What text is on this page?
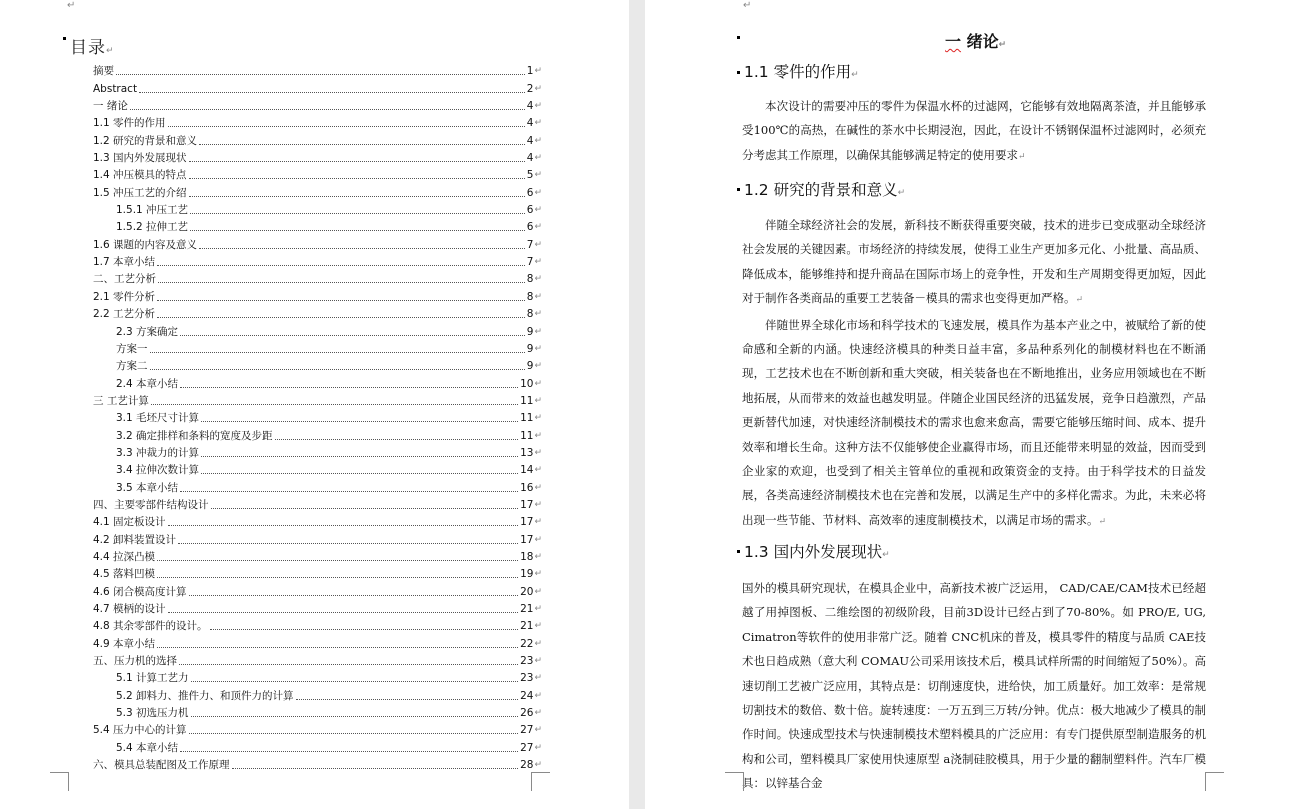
↵
目录↵
摘要	1 ↵
Abstract	2 ↵
一 绪论	4 ↵
1.1 零件的作用	4 ↵
1.2 研究的背景和意义	4 ↵
1.3 国内外发展现状	4 ↵
1.4 冲压模具的特点	5 ↵
1.5 冲压工艺的介绍	6 ↵
1.5.1 冲压工艺	6 ↵
1.5.2 拉伸工艺	6 ↵
1.6 课题的内容及意义	7 ↵
1.7 本章小结	7 ↵
二、工艺分析	8 ↵
2.1 零件分析	8 ↵
2.2 工艺分析	8 ↵
2.3 方案确定	9 ↵
方案一	9 ↵
方案二	9 ↵
2.4 本章小结	10 ↵
三 工艺计算	11 ↵
3.1 毛坯尺寸计算	11 ↵
3.2 确定排样和条料的宽度及步距	11 ↵
3.3 冲裁力的计算	13 ↵
3.4 拉伸次数计算	14 ↵
3.5 本章小结	16 ↵
四、主要零部件结构设计	17 ↵
4.1 固定板设计	17 ↵
4.2 卸料装置设计	17 ↵
4.4 拉深凸模	18 ↵
4.5 落料凹模	19 ↵
4.6 闭合模高度计算	20 ↵
4.7 模柄的设计	21 ↵
4.8 其余零部件的设计。	21 ↵
4.9 本章小结	22 ↵
五、压力机的选择	23 ↵
5.1 计算工艺力	23 ↵
5.2 卸料力、推件力、和顶件力的计算	24 ↵
5.3 初选压力机	26 ↵
5.4 压力中心的计算	27 ↵
5.4 本章小结	27 ↵
六、模具总装配图及工作原理	28 ↵
↵
一 绪论↵
1.1 零件的作用↵

本次设计的需要冲压的零件为保温水杯的过滤网，它能够有效地隔离茶渣，并且能够承受100℃的高热，在碱性的茶水中长期浸泡，因此，在设计不锈钢保温杯过滤网时，必须充分考虑其工作原理，以确保其能够满足特定的使用要求↵

1.2 研究的背景和意义↵

伴随全球经济社会的发展，新科技不断获得重要突破，技术的进步已变成驱动全球经济社会发展的关键因素。市场经济的持续发展，使得工业生产更加多元化、小批量、高品质、降低成本，能够维持和提升商品在国际市场上的竞争性，开发和生产周期变得更加短，因此对于制作各类商品的重要工艺装备－模具的需求也变得更加严格。↵

伴随世界全球化市场和科学技术的飞速发展，模具作为基本产业之中，被赋给了新的使命感和全新的内涵。快速经济模具的种类日益丰富，多品种系列化的制模材料也在不断涌现，工艺技术也在不断创新和重大突破，相关装备也在不断地推出，业务应用领域也在不断地拓展，从而带来的效益也越发明显。伴随企业国民经济的迅猛发展，竞争日趋激烈，产品更新替代加速，对快速经济制模技术的需求也愈来愈高，需要它能够压缩时间、成本、提升效率和增长生命。这种方法不仅能够使企业赢得市场，而且还能带来明显的效益，因而受到企业家的欢迎，也受到了相关主管单位的重视和政策资金的支持。由于科学技术的日益发展，各类高速经济制模技术也在完善和发展，以满足生产中的多样化需求。为此，未来必将出现一些节能、节材料、高效率的速度制模技术，以满足市场的需求。↵

1.3 国内外发展现状↵

国外的模具研究现状，在模具企业中，高新技术被广泛运用， CAD/CAE/CAM技术已经超越了用掉图板、二维绘图的初级阶段，目前3D设计已经占到了70-80%。如 PRO/E, UG, Cimatron等软件的使用非常广泛。随着 CNC机床的普及，模具零件的精度与品质 CAE技术也日趋成熟（意大利 COMAU公司采用该技术后，模具试样所需的时间缩短了50%）。高速切削工艺被广泛应用，其特点是：切削速度快，进给快，加工质量好。加工效率：是常规切割技术的数倍、数十倍。旋转速度：一万五到三万转/分钟。优点：极大地减少了模具的制作时间。快速成型技术与快速制模技术塑料模具的广泛应用：有专门提供原型制造服务的机构和公司，塑料模具厂家使用快速原型 a浇制硅胶模具，用于少量的翻制塑料件。汽车厂模具：以锌基合金
